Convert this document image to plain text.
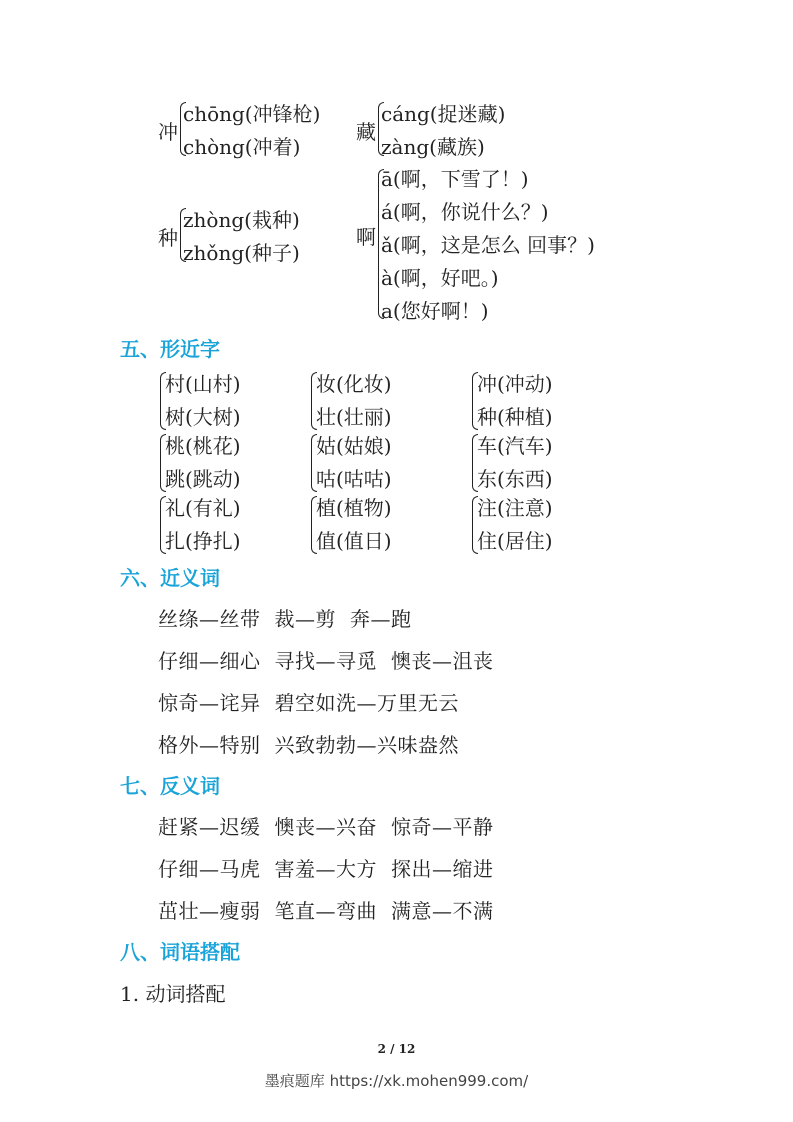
冲
chōng(冲锋枪)
chòng(冲着)
藏
cáng(捉迷藏)
zàng(藏族)
种
zhòng(栽种)
zhǒng(种子)
啊
ā(啊，下雪了！)
á(啊，你说什么？)
ǎ(啊，这是怎么 回事？)
à(啊，好吧。)
a(您好啊！)
五、形近字
村(山村)
树(大树)
妆(化妆)
壮(壮丽)
冲(冲动)
种(种植)
桃(桃花)
跳(跳动)
姑(姑娘)
咕(咕咕)
车(汽车)
东(东西)
礼(有礼)
扎(挣扎)
植(植物)
值(值日)
注(注意)
住(居住)
六、近义词
丝绦—丝带 裁—剪 奔—跑
仔细—细心 寻找—寻觅 懊丧—沮丧
惊奇—诧异 碧空如洗—万里无云
格外—特别 兴致勃勃—兴味盎然
七、反义词
赶紧—迟缓 懊丧—兴奋 惊奇—平静
仔细—马虎 害羞—大方 探出—缩进
茁壮—瘦弱 笔直—弯曲 满意—不满
八、词语搭配
1. 动词搭配
2 / 12
墨痕题库 https://xk.mohen999.com/
